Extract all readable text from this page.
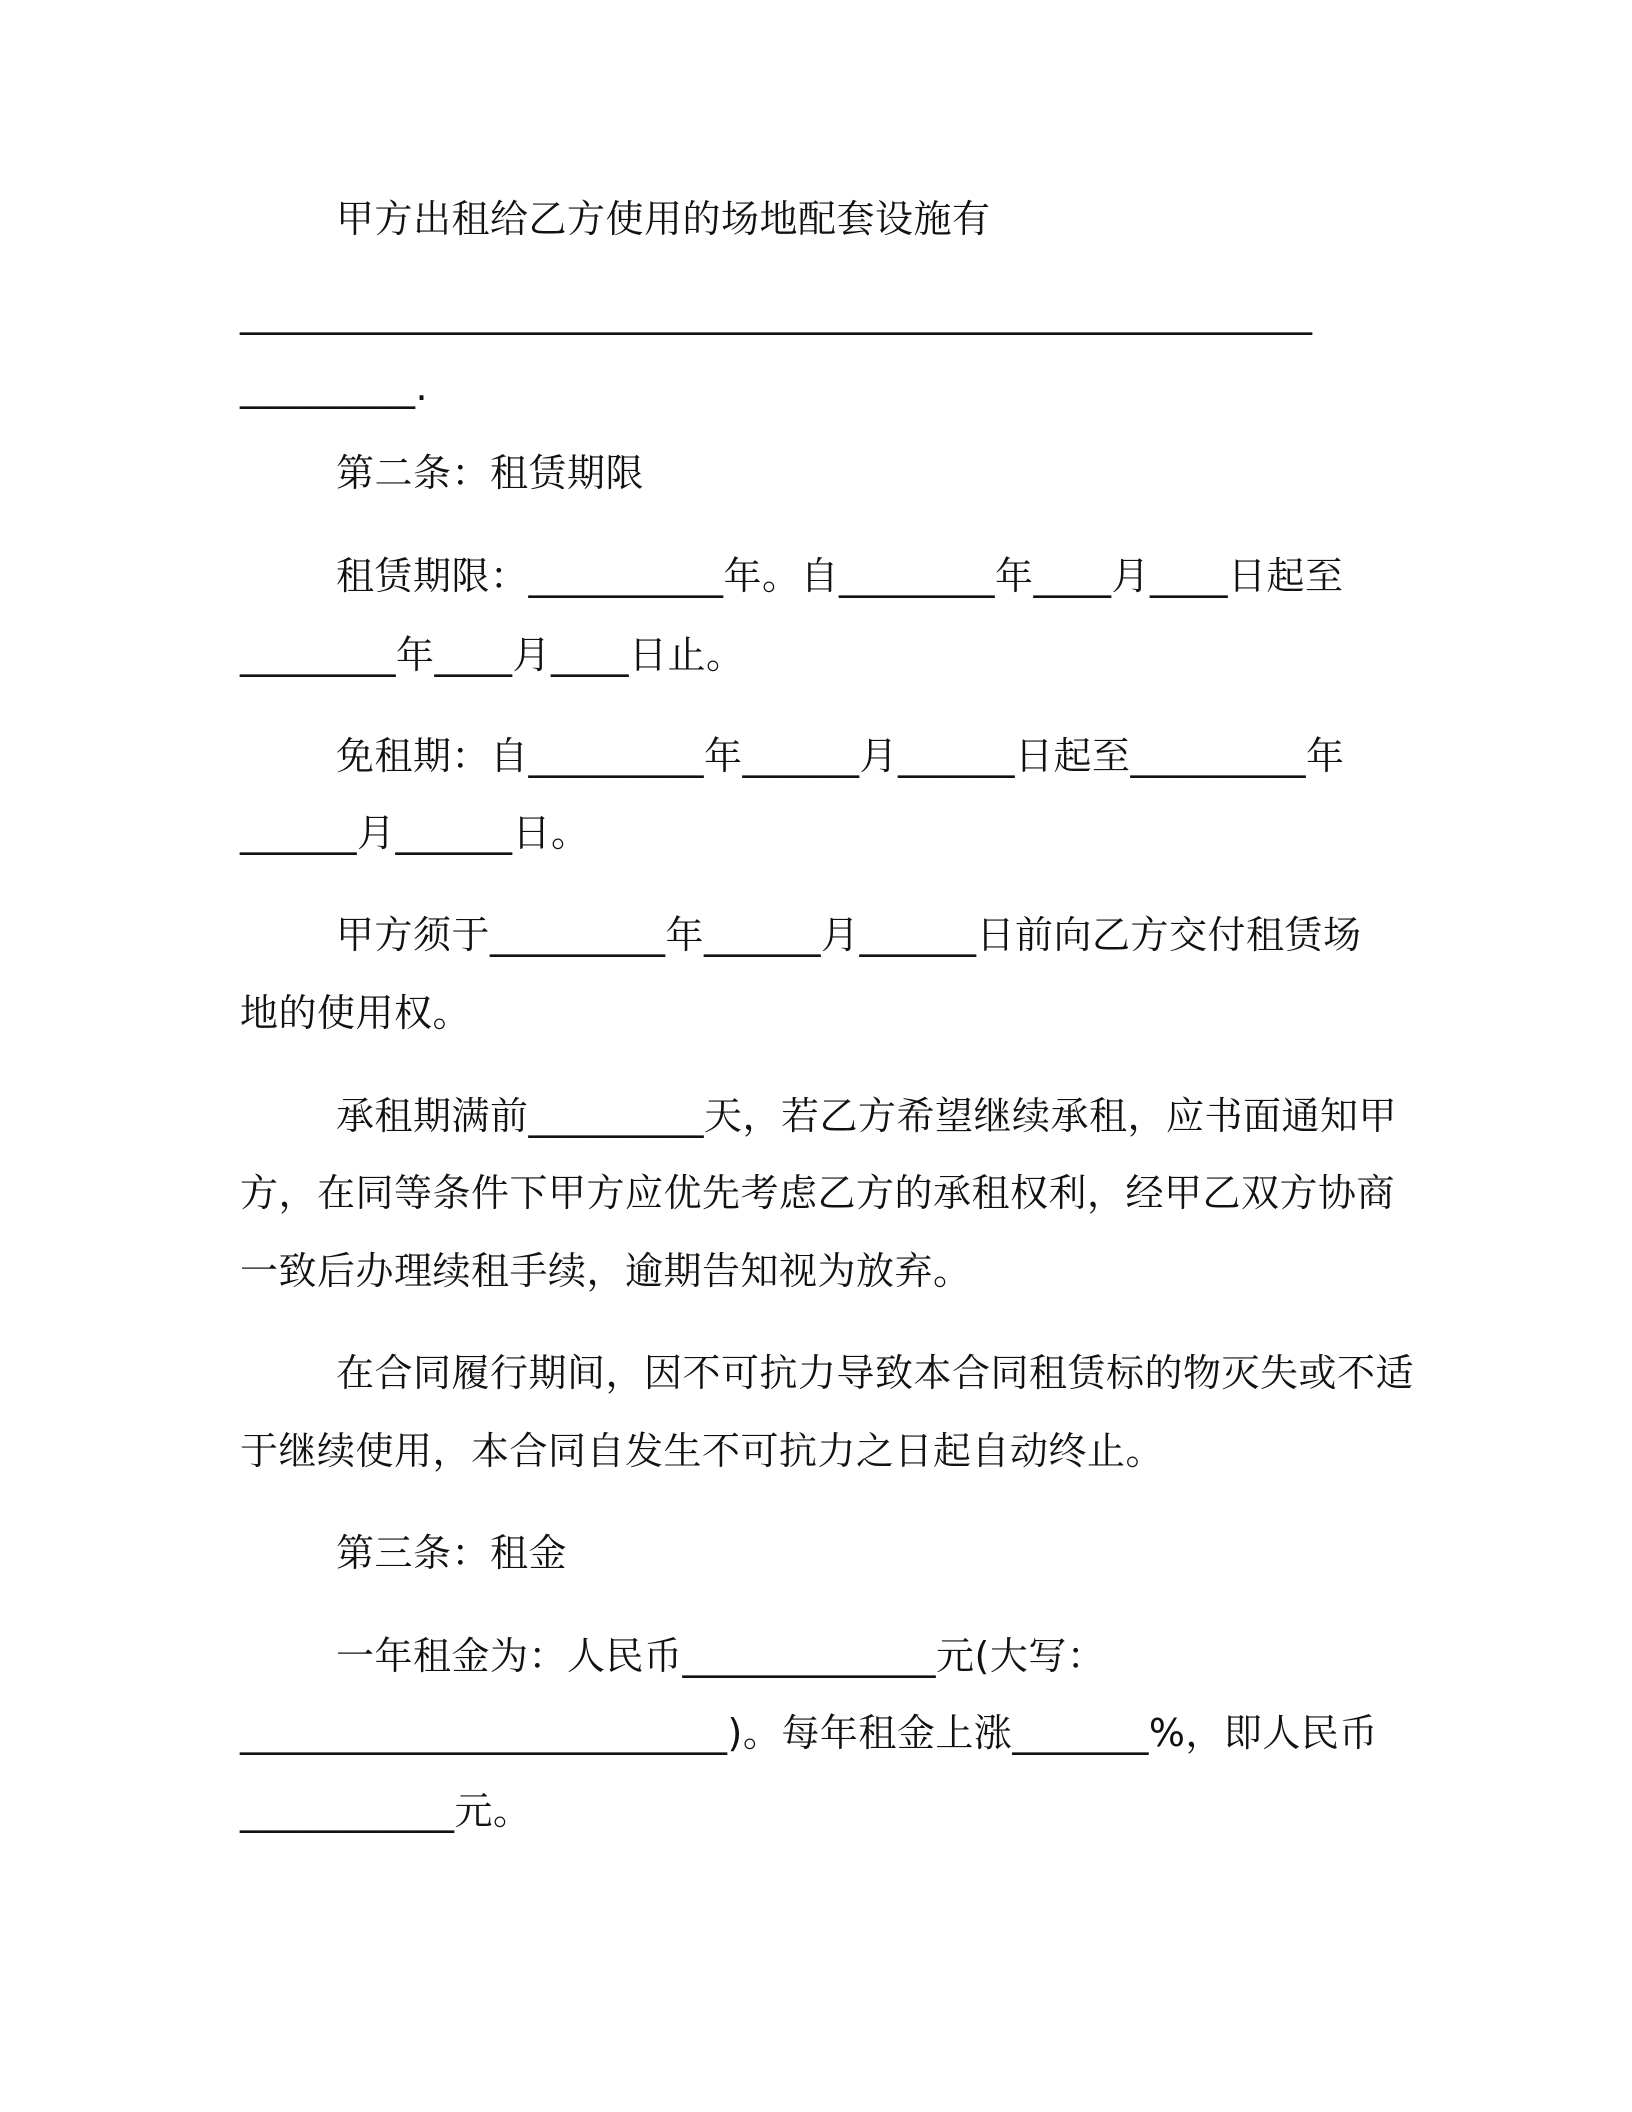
甲方出租给乙方使用的场地配套设施有
_______________________________________________________
_________.
第二条：租赁期限
租赁期限：__________年。自________年____月____日起至
________年____月____日止。
免租期：自_________年______月______日起至_________年
______月______日。
甲方须于_________年______月______日前向乙方交付租赁场
地的使用权。
承租期满前_________天，若乙方希望继续承租，应书面通知甲
方，在同等条件下甲方应优先考虑乙方的承租权利，经甲乙双方协商
一致后办理续租手续，逾期告知视为放弃。
在合同履行期间，因不可抗力导致本合同租赁标的物灭失或不适
于继续使用，本合同自发生不可抗力之日起自动终止。
第三条：租金
一年租金为：人民币_____________元(大写：
_________________________)。每年租金上涨_______%，即人民币
___________元。
